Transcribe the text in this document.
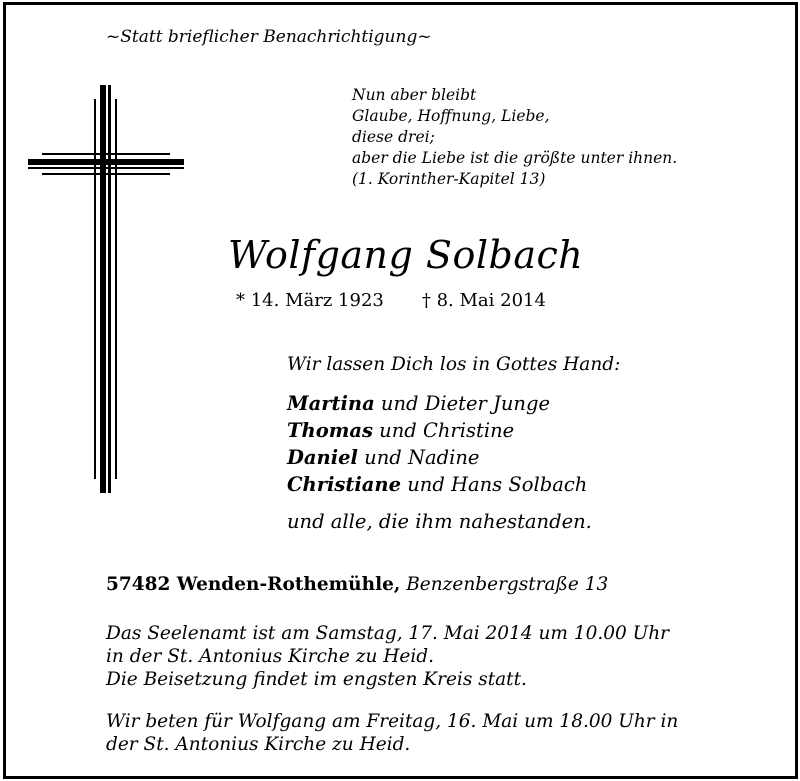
~Statt brieflicher Benachrichtigung~
Nun aber bleibt
Glaube, Hoffnung, Liebe,
diese drei;
aber die Liebe ist die größte unter ihnen.
(1. Korinther-Kapitel 13)
Wolfgang Solbach
* 14. März 1923 † 8. Mai 2014
Wir lassen Dich los in Gottes Hand:
Martina und Dieter Junge
Thomas und Christine
Daniel und Nadine
Christiane und Hans Solbach
und alle, die ihm nahestanden.
57482 Wenden-Rothemühle, Benzenbergstraße 13
Das Seelenamt ist am Samstag, 17. Mai 2014 um 10.00 Uhr
in der St. Antonius Kirche zu Heid.
Die Beisetzung findet im engsten Kreis statt.
Wir beten für Wolfgang am Freitag, 16. Mai um 18.00 Uhr in
der St. Antonius Kirche zu Heid.
